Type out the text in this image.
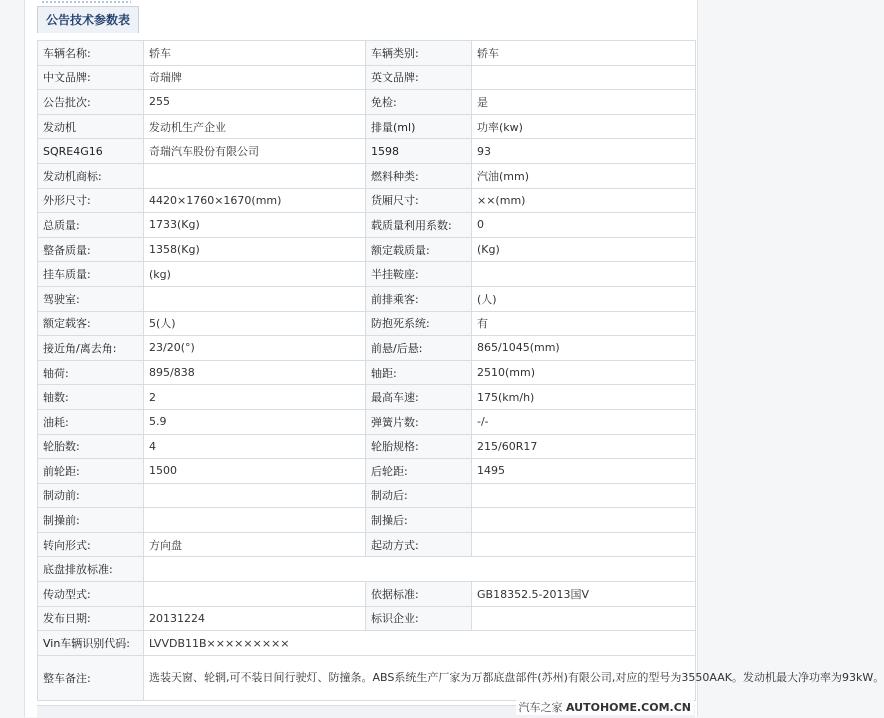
公告技术参数表
车辆名称:	轿车	车辆类别:	轿车
中文品牌:	奇瑞牌	英文品牌:	
公告批次:	255	免检:	是
发动机	发动机生产企业	排量(ml)	功率(kw)
SQRE4G16	奇瑞汽车股份有限公司	1598	93
发动机商标:		燃料种类:	汽油(mm)
外形尺寸:	4420×1760×1670(mm)	货厢尺寸:	××(mm)
总质量:	1733(Kg)	载质量利用系数:	0
整备质量:	1358(Kg)	额定载质量:	(Kg)
挂车质量:	(kg)	半挂鞍座:	
驾驶室:		前排乘客:	(人)
额定载客:	5(人)	防抱死系统:	有
接近角/离去角:	23/20(°)	前悬/后悬:	865/1045(mm)
轴荷:	895/838	轴距:	2510(mm)
轴数:	2	最高车速:	175(km/h)
油耗:	5.9	弹簧片数:	-/-
轮胎数:	4	轮胎规格:	215/60R17
前轮距:	1500	后轮距:	1495
制动前:		制动后:	
制操前:		制操后:	
转向形式:	方向盘	起动方式:	
底盘排放标准:			
传动型式:		依据标准:	GB18352.5-2013国V
发布日期:	20131224	标识企业:	
Vin车辆识别代码:	LVVDB11B×××××××××		
整车备注:	选装天窗、轮辋,可不装日间行驶灯、防撞条。ABS系统生产厂家为万都底盘部件(苏州)有限公司,对应的型号为3550AAK。发动机最大净功率为93kW。		
汽车之家 AUTOHOME.COM.CN
